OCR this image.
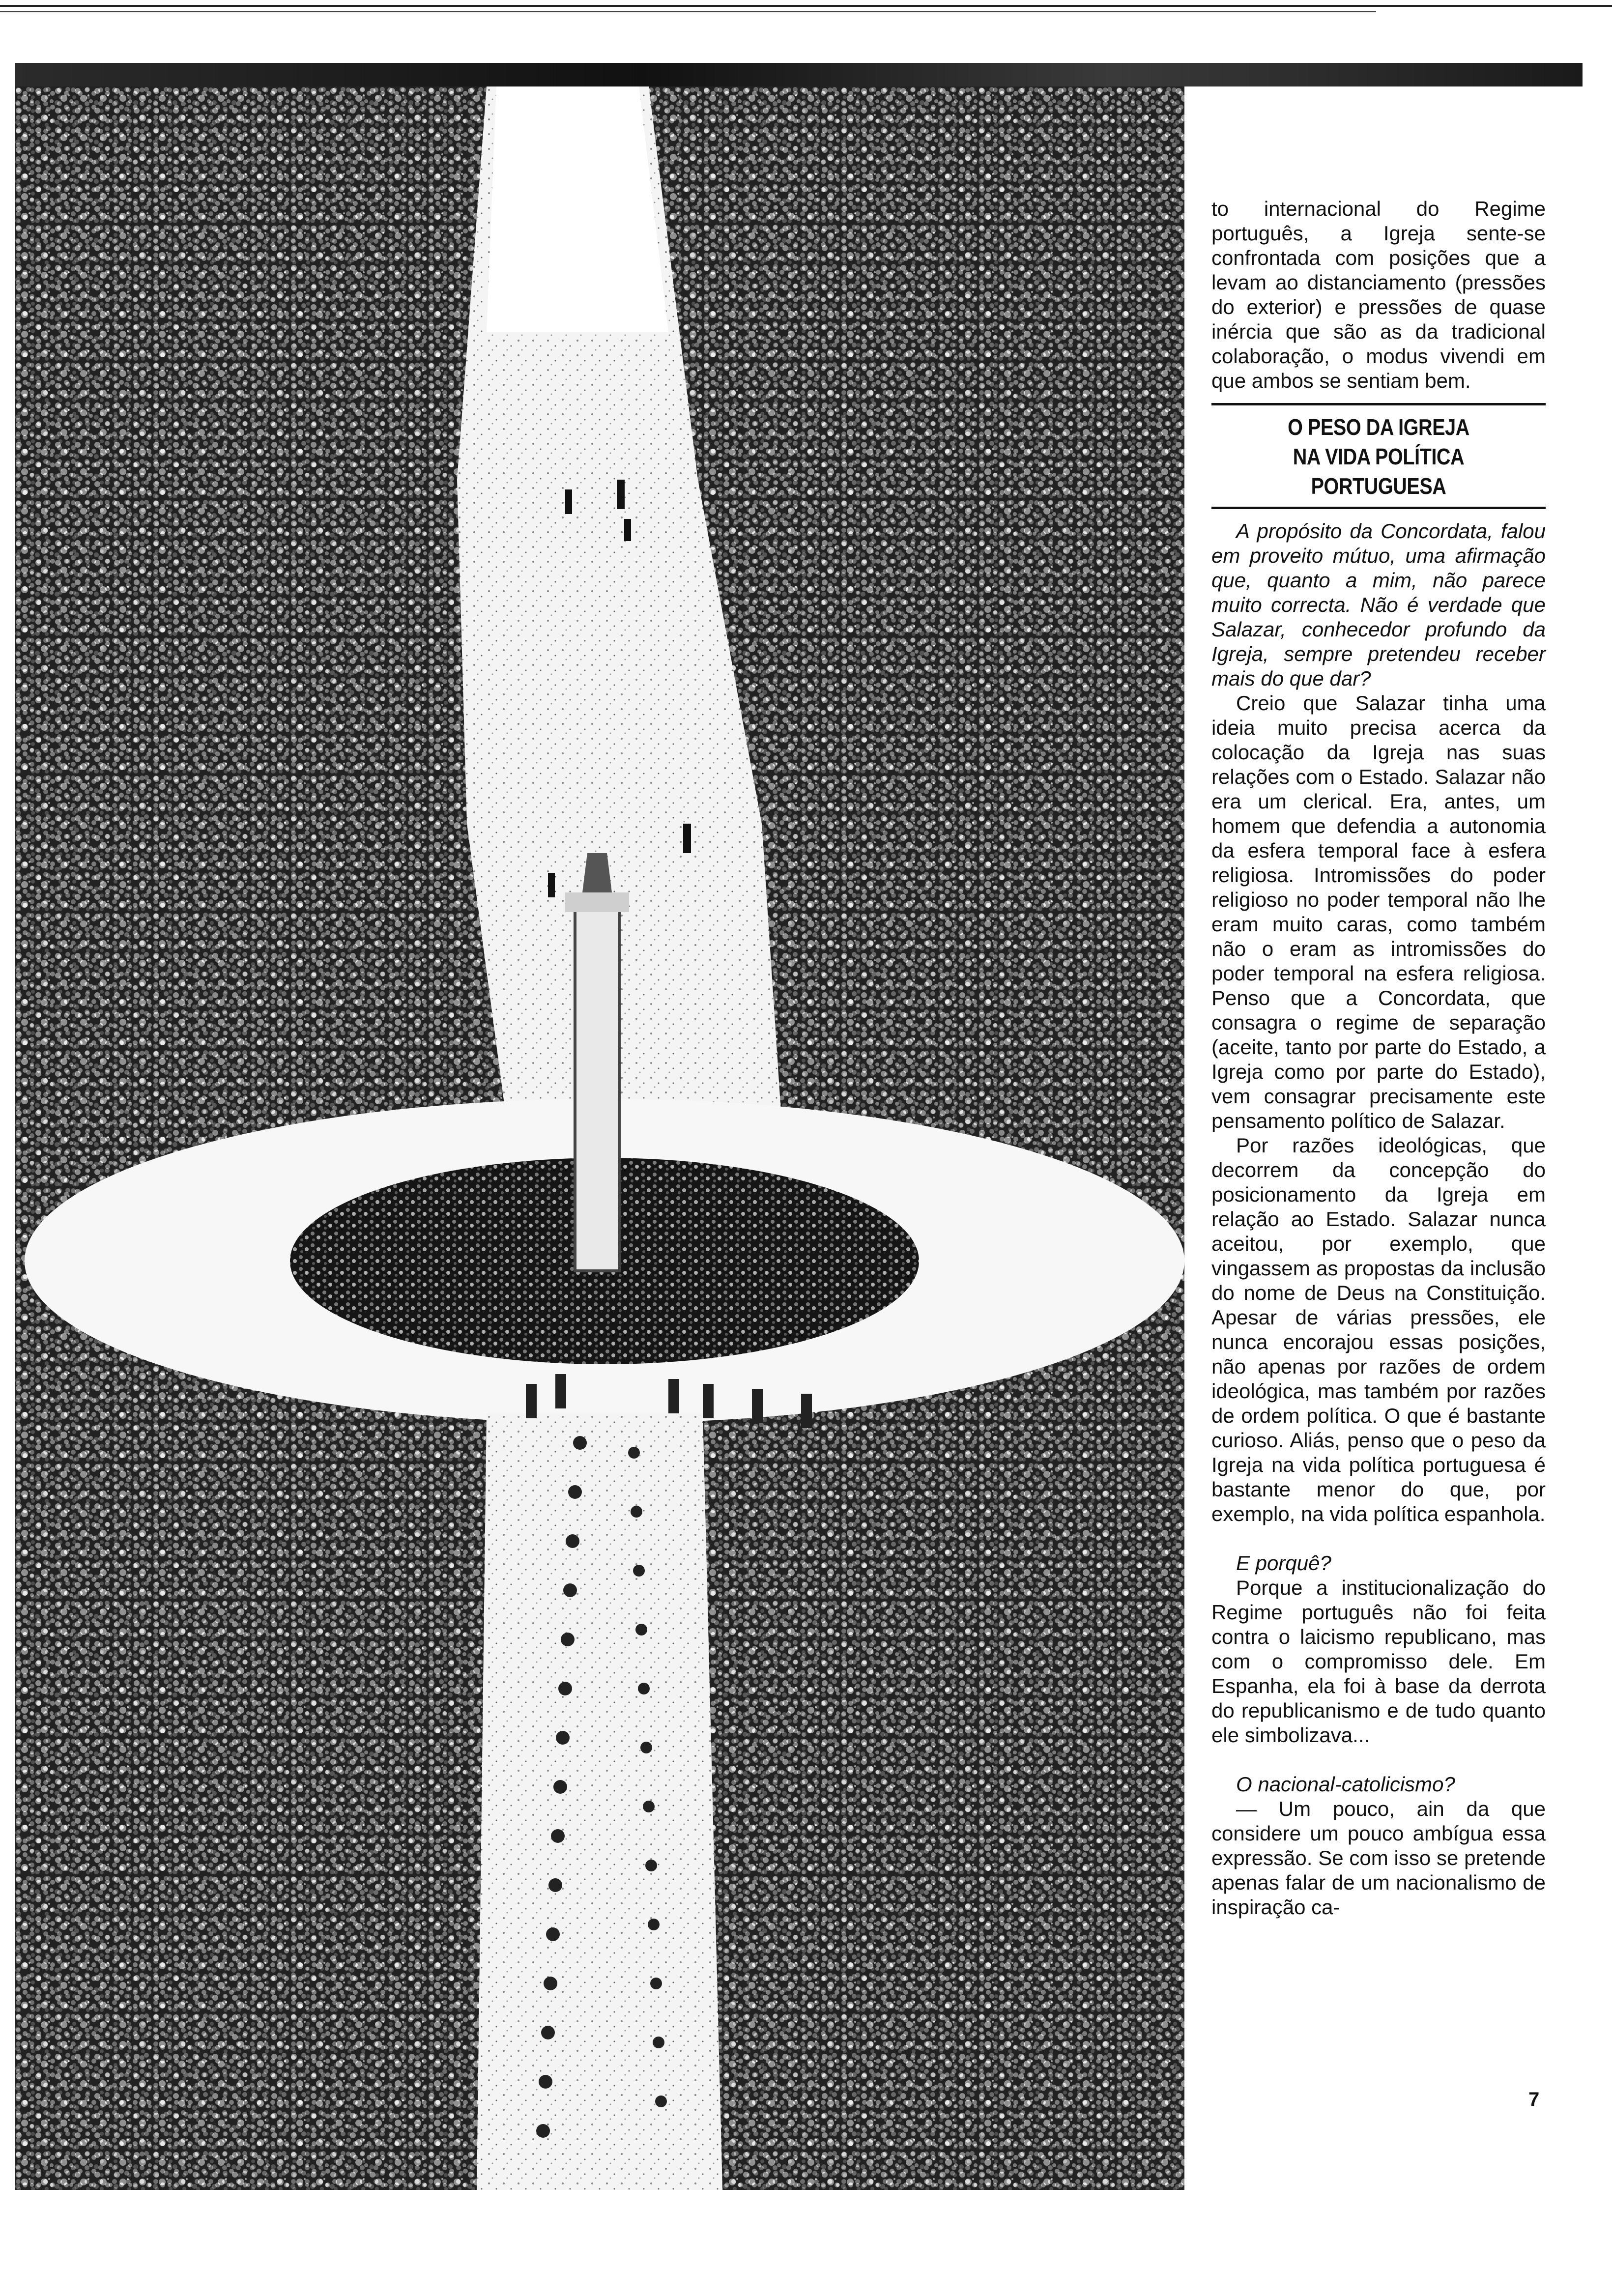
to internacional do Regime português, a Igreja sente-se confrontada com posições que a levam ao distanciamento (pressões do exterior) e pressões de quase inércia que são as da tradicional colaboração, o modus vivendi em que ambos se sentiam bem.

O PESO DA IGREJA

NA VIDA POLÍTICA PORTUGUESA

A propósito da Concordata, falou em proveito mútuo, uma afirmação que, quanto a mim, não parece muito correcta. Não é verdade que Salazar, conhecedor profundo da Igreja, sempre pretendeu receber mais do que dar?

Creio que Salazar tinha uma ideia muito precisa acerca da colocação da Igreja nas suas relações com o Estado. Salazar não era um clerical. Era, antes, um homem que defendia a autonomia da esfera temporal face à esfera religiosa. Intromissões do poder religioso no poder temporal não lhe eram muito caras, como também não o eram as intromissões do poder temporal na esfera religiosa. Penso que a Concordata, que consagra o regime de separação (aceite, tanto por parte do Estado, a Igreja como por parte do Estado), vem consagrar precisamente este pensamento político de Salazar.

Por razões ideológicas, que decorrem da concepção do posicionamento da Igreja em relação ao Estado. Salazar nunca aceitou, por exemplo, que vingassem as propostas da inclusão do nome de Deus na Constituição. Apesar de várias pressões, ele nunca encorajou essas posições, não apenas por razões de ordem ideológica, mas também por razões de ordem política. O que é bastante curioso. Aliás, penso que o peso da Igreja na vida política portuguesa é bastante menor do que, por exemplo, na vida política espanhola.

E porquê?

Porque a institucionalização do Regime português não foi feita contra o laicismo republicano, mas com o compromisso dele. Em Espanha, ela foi à base da derrota do republicanismo e de tudo quanto ele simbolizava...

O nacional-catolicismo?

— Um pouco, ain da que considere um pouco ambígua essa expressão. Se com isso se pretende apenas falar de um nacionalismo de inspiração ca-

7
